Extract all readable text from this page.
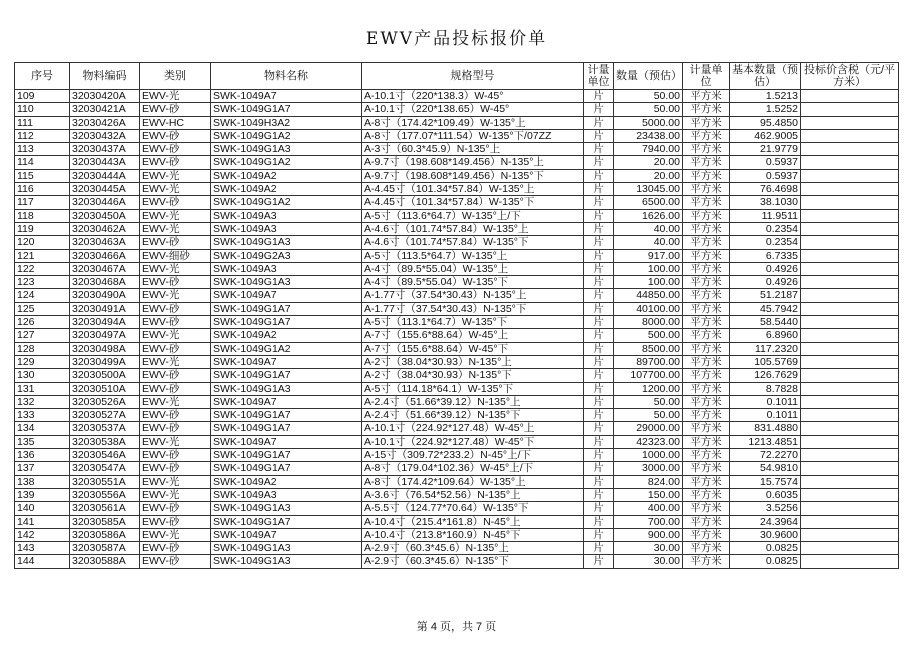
EWV产品投标报价单
序号	物料编码	类别	物料名称	规格型号	计量单位	数量（预估）	计量单位	基本数量（预估）	投标价含税（元/平方米）
109	32030420A	EWV-光	SWK-1049A7	A-10.1寸（220*138.3）W-45°	片	50.00	平方米	1.5213	
110	32030421A	EWV-砂	SWK-1049G1A7	A-10.1寸（220*138.65）W-45°	片	50.00	平方米	1.5252	
111	32030426A	EWV-HC	SWK-1049H3A2	A-8寸（174.42*109.49）W-135°上	片	5000.00	平方米	95.4850	
112	32030432A	EWV-砂	SWK-1049G1A2	A-8寸（177.07*111.54）W-135°下/07ZZ	片	23438.00	平方米	462.9005	
113	32030437A	EWV-砂	SWK-1049G1A3	A-3寸（60.3*45.9）N-135°上	片	7940.00	平方米	21.9779	
114	32030443A	EWV-砂	SWK-1049G1A2	A-9.7寸（198.608*149.456）N-135°上	片	20.00	平方米	0.5937	
115	32030444A	EWV-光	SWK-1049A2	A-9.7寸（198.608*149.456）N-135°下	片	20.00	平方米	0.5937	
116	32030445A	EWV-光	SWK-1049A2	A-4.45寸（101.34*57.84）W-135°上	片	13045.00	平方米	76.4698	
117	32030446A	EWV-砂	SWK-1049G1A2	A-4.45寸（101.34*57.84）W-135°下	片	6500.00	平方米	38.1030	
118	32030450A	EWV-光	SWK-1049A3	A-5寸（113.6*64.7）W-135°上/下	片	1626.00	平方米	11.9511	
119	32030462A	EWV-光	SWK-1049A3	A-4.6寸（101.74*57.84）W-135°上	片	40.00	平方米	0.2354	
120	32030463A	EWV-砂	SWK-1049G1A3	A-4.6寸（101.74*57.84）W-135°下	片	40.00	平方米	0.2354	
121	32030466A	EWV-细砂	SWK-1049G2A3	A-5寸（113.5*64.7）W-135°上	片	917.00	平方米	6.7335	
122	32030467A	EWV-光	SWK-1049A3	A-4寸（89.5*55.04）W-135°上	片	100.00	平方米	0.4926	
123	32030468A	EWV-砂	SWK-1049G1A3	A-4寸（89.5*55.04）W-135°下	片	100.00	平方米	0.4926	
124	32030490A	EWV-光	SWK-1049A7	A-1.77寸（37.54*30.43）N-135°上	片	44850.00	平方米	51.2187	
125	32030491A	EWV-砂	SWK-1049G1A7	A-1.77寸（37.54*30.43）N-135°下	片	40100.00	平方米	45.7942	
126	32030494A	EWV-砂	SWK-1049G1A7	A-5寸（113.1*64.7）W-135°下	片	8000.00	平方米	58.5440	
127	32030497A	EWV-光	SWK-1049A2	A-7寸（155.6*88.64）W-45°上	片	500.00	平方米	6.8960	
128	32030498A	EWV-砂	SWK-1049G1A2	A-7寸（155.6*88.64）W-45°下	片	8500.00	平方米	117.2320	
129	32030499A	EWV-光	SWK-1049A7	A-2寸（38.04*30.93）N-135°上	片	89700.00	平方米	105.5769	
130	32030500A	EWV-砂	SWK-1049G1A7	A-2寸（38.04*30.93）N-135°下	片	107700.00	平方米	126.7629	
131	32030510A	EWV-砂	SWK-1049G1A3	A-5寸（114.18*64.1）W-135°下	片	1200.00	平方米	8.7828	
132	32030526A	EWV-光	SWK-1049A7	A-2.4寸（51.66*39.12）N-135°上	片	50.00	平方米	0.1011	
133	32030527A	EWV-砂	SWK-1049G1A7	A-2.4寸（51.66*39.12）N-135°下	片	50.00	平方米	0.1011	
134	32030537A	EWV-砂	SWK-1049G1A7	A-10.1寸（224.92*127.48）W-45°上	片	29000.00	平方米	831.4880	
135	32030538A	EWV-光	SWK-1049A7	A-10.1寸（224.92*127.48）W-45°下	片	42323.00	平方米	1213.4851	
136	32030546A	EWV-砂	SWK-1049G1A7	A-15寸（309.72*233.2）N-45°上/下	片	1000.00	平方米	72.2270	
137	32030547A	EWV-砂	SWK-1049G1A7	A-8寸（179.04*102.36）W-45°上/下	片	3000.00	平方米	54.9810	
138	32030551A	EWV-光	SWK-1049A2	A-8寸（174.42*109.64）W-135°上	片	824.00	平方米	15.7574	
139	32030556A	EWV-光	SWK-1049A3	A-3.6寸（76.54*52.56）N-135°上	片	150.00	平方米	0.6035	
140	32030561A	EWV-砂	SWK-1049G1A3	A-5.5寸（124.77*70.64）W-135°下	片	400.00	平方米	3.5256	
141	32030585A	EWV-砂	SWK-1049G1A7	A-10.4寸（215.4*161.8）N-45°上	片	700.00	平方米	24.3964	
142	32030586A	EWV-光	SWK-1049A7	A-10.4寸（213.8*160.9）N-45°下	片	900.00	平方米	30.9600	
143	32030587A	EWV-砂	SWK-1049G1A3	A-2.9寸（60.3*45.6）N-135°上	片	30.00	平方米	0.0825	
144	32030588A	EWV-砂	SWK-1049G1A3	A-2.9寸（60.3*45.6）N-135°下	片	30.00	平方米	0.0825	
第 4 页，共 7 页
